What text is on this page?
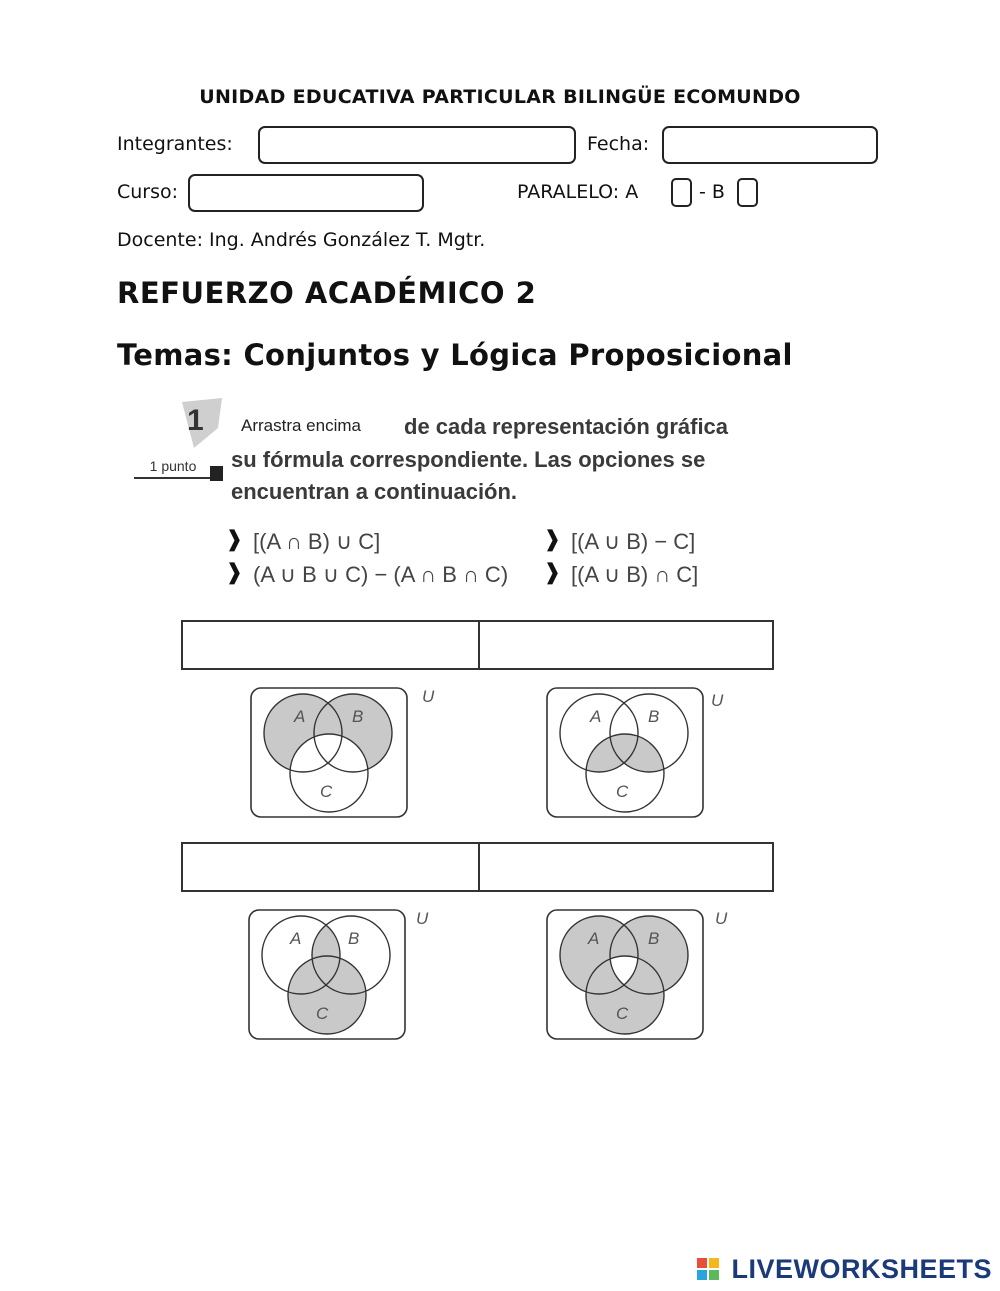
UNIDAD EDUCATIVA PARTICULAR BILINGÜE ECOMUNDO
Integrantes:	Fecha:
Curso:	PARALELO: A	- B
Docente: Ing. Andrés González T. Mgtr.
REFUERZO ACADÉMICO 2
Temas: Conjuntos y Lógica Proposicional
1
1 punto
Arrastra encima de cada representación gráfica
su fórmula correspondiente. Las opciones se
encuentran a continuación.
❱ [(A ∩ B) ∪ C]	❱ [(A ∪ B) − C]
❱ (A ∪ B ∪ C) − (A ∩ B ∩ C) ❱ [(A ∪ B) ∩ C]
A	B
C
U
A	B
C
U
A	B
C
U
A	B
C
U
LIVEWORKSHEETS
